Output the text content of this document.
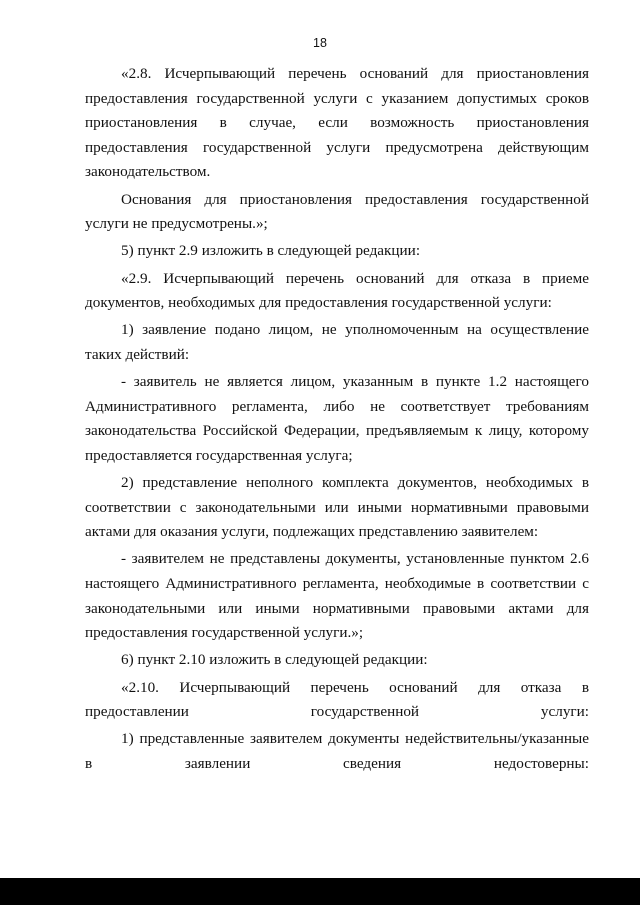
18

«2.8. Исчерпывающий перечень оснований для приостановления предоставления государственной услуги с указанием допустимых сроков приостановления в случае, если возможность приостановления предоставления государственной услуги предусмотрена действующим законодательством.

Основания для приостановления предоставления государственной услуги не предусмотрены.»;

5) пункт 2.9 изложить в следующей редакции:

«2.9. Исчерпывающий перечень оснований для отказа в приеме документов, необходимых для предоставления государственной услуги:

1) заявление подано лицом, не уполномоченным на осуществление таких действий:

- заявитель не является лицом, указанным в пункте 1.2 настоящего Административного регламента, либо не соответствует требованиям законодательства Российской Федерации, предъявляемым к лицу, которому предоставляется государственная услуга;

2) представление неполного комплекта документов, необходимых в соответствии с законодательными или иными нормативными правовыми актами для оказания услуги, подлежащих представлению заявителем:

- заявителем не представлены документы, установленные пунктом 2.6 настоящего Административного регламента, необходимые в соответствии с законодательными или иными нормативными правовыми актами для предоставления государственной услуги.»;

6) пункт 2.10 изложить в следующей редакции:

«2.10. Исчерпывающий перечень оснований для отказа в предоставлении государственной услуги:

1) представленные заявителем документы недействительны/указанные в заявлении сведения недостоверны:
